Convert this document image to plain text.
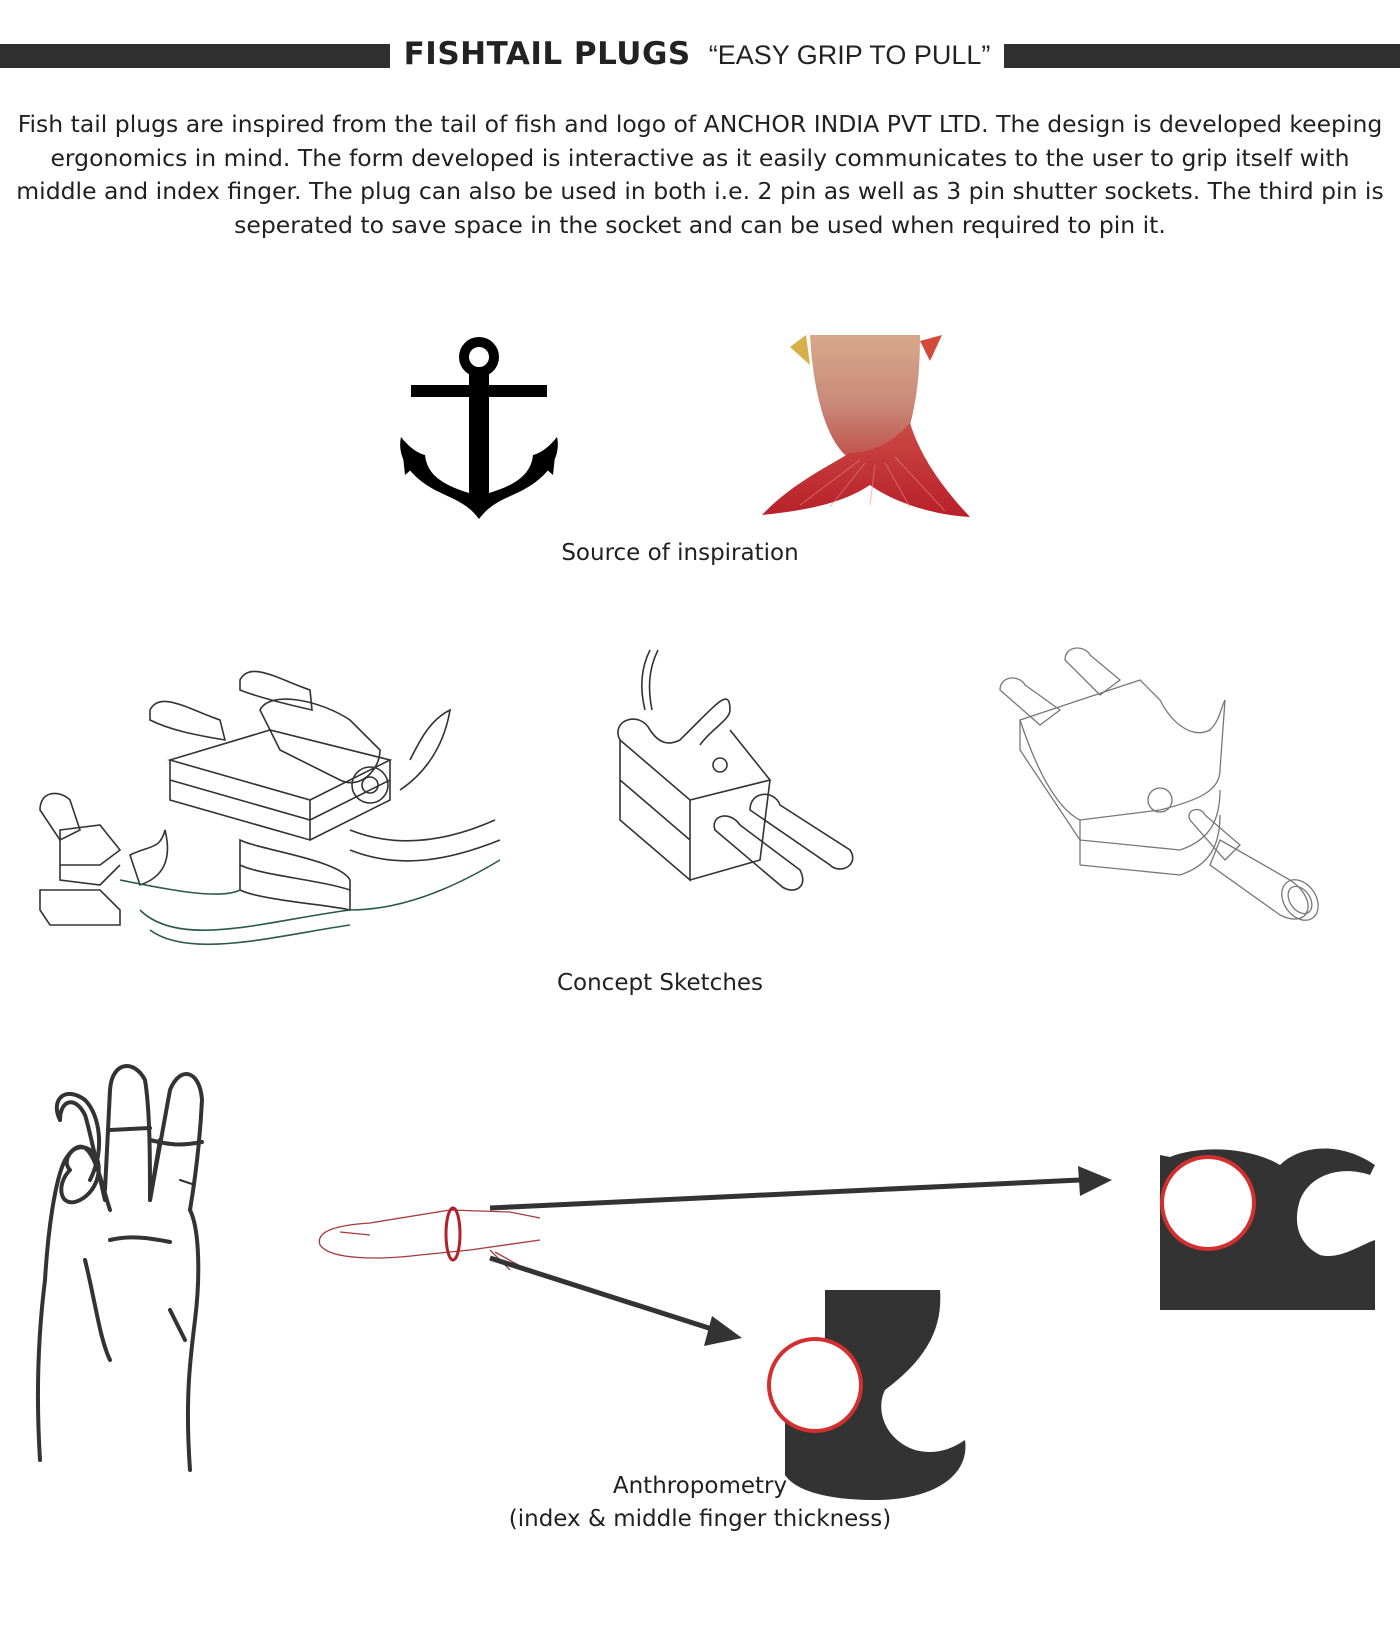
FISHTAIL PLUGS “EASY GRIP TO PULL”
Fish tail plugs are inspired from the tail of fish and logo of ANCHOR INDIA PVT LTD. The design is developed keeping ergonomics in mind. The form developed is interactive as it easily communicates to the user to grip itself with middle and index finger. The plug can also be used in both i.e. 2 pin as well as 3 pin shutter sockets. The third pin is seperated to save space in the socket and can be used when required to pin it.
Source of inspiration
Concept Sketches
Anthropometry
(index & middle finger thickness)
